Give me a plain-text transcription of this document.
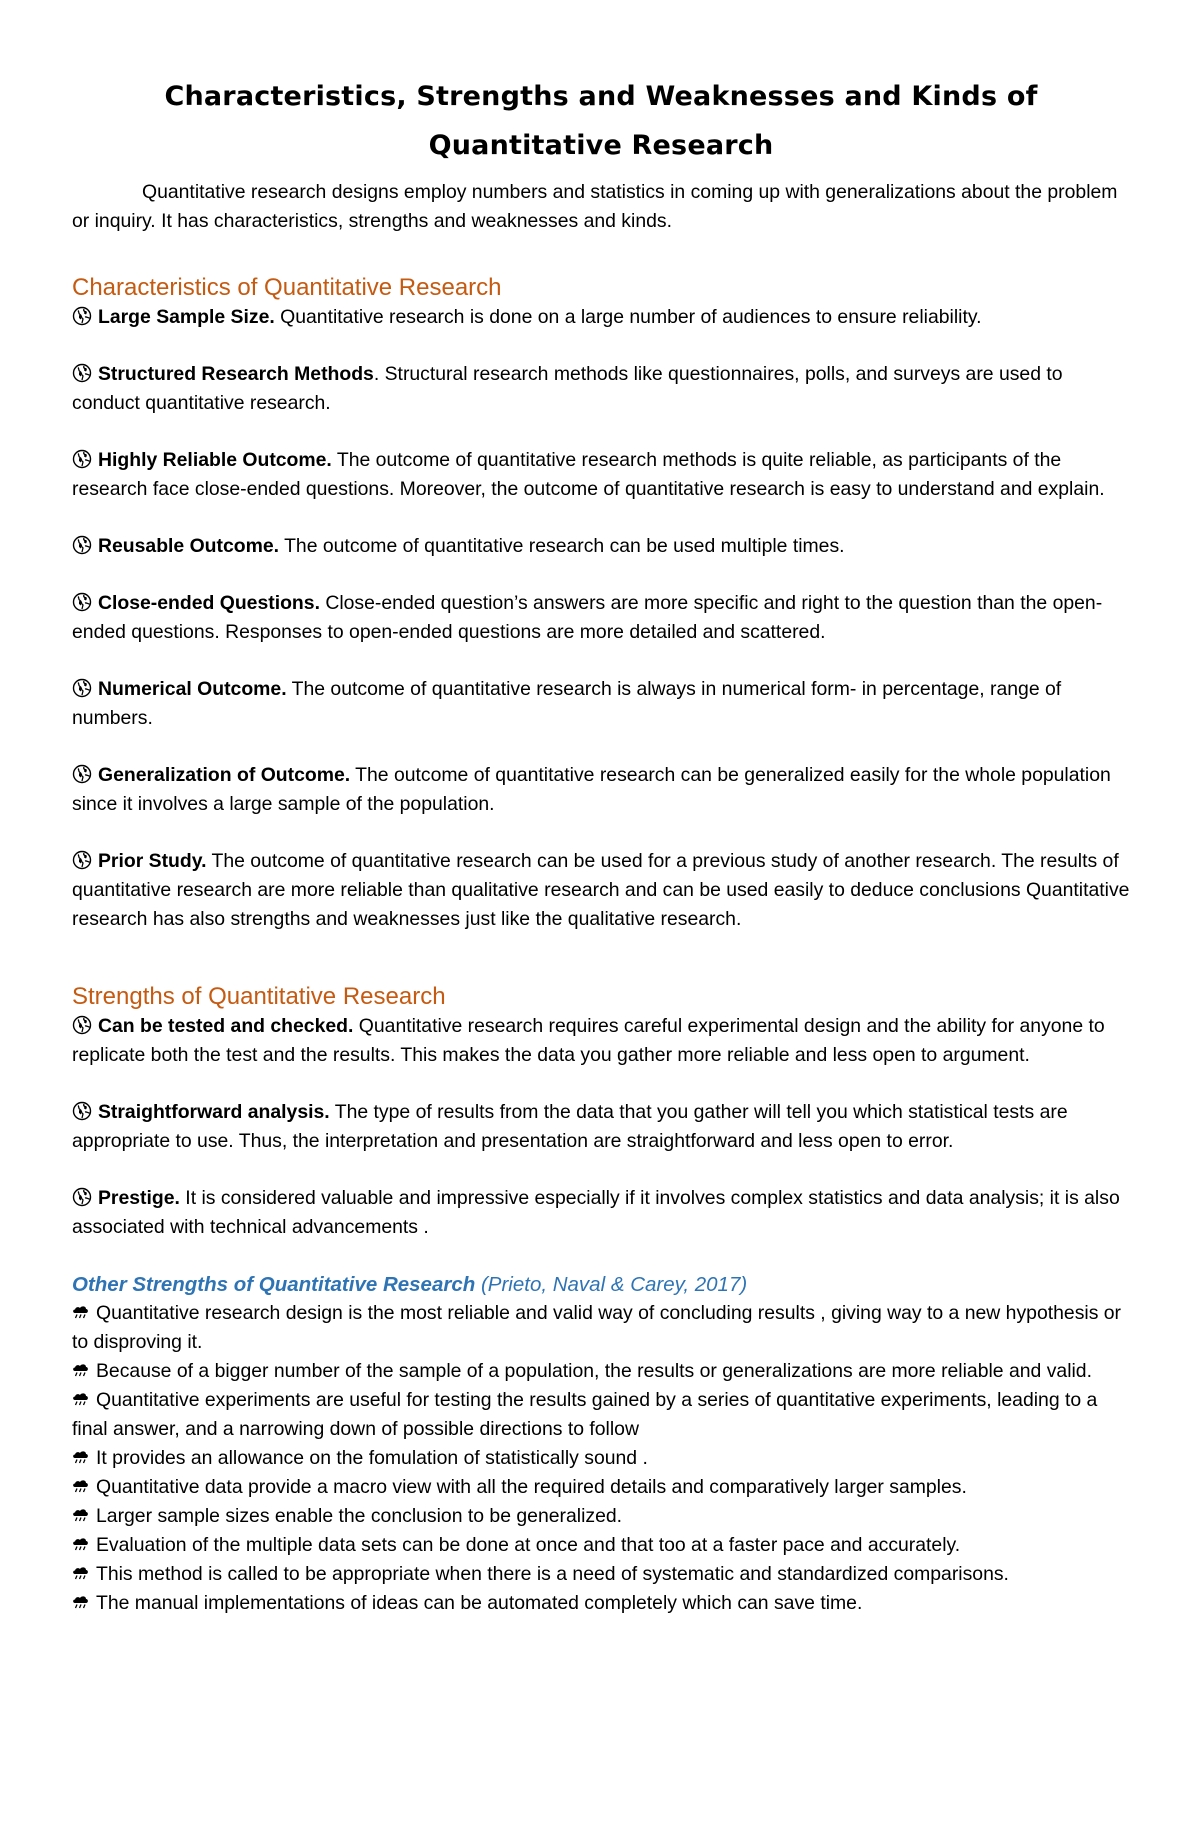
Characteristics, Strengths and Weaknesses and Kinds of
Quantitative Research

Quantitative research designs employ numbers and statistics in coming up with generalizations about the problem or inquiry. It has characteristics, strengths and weaknesses and kinds.

Characteristics of Quantitative Research

Large Sample Size. Quantitative research is done on a large number of audiences to ensure reliability.

Structured Research Methods. Structural research methods like questionnaires, polls, and surveys are used to conduct quantitative research.

Highly Reliable Outcome. The outcome of quantitative research methods is quite reliable, as participants of the research face close-ended questions. Moreover, the outcome of quantitative research is easy to understand and explain.

Reusable Outcome. The outcome of quantitative research can be used multiple times.

Close-ended Questions. Close-ended question’s answers are more specific and right to the question than the open-ended questions. Responses to open-ended questions are more detailed and scattered.

Numerical Outcome. The outcome of quantitative research is always in numerical form- in percentage, range of numbers.

Generalization of Outcome. The outcome of quantitative research can be generalized easily for the whole population since it involves a large sample of the population.

Prior Study. The outcome of quantitative research can be used for a previous study of another research. The results of quantitative research are more reliable than qualitative research and can be used easily to deduce conclusions Quantitative research has also strengths and weaknesses just like the qualitative research.

Strengths of Quantitative Research

Can be tested and checked. Quantitative research requires careful experimental design and the ability for anyone to replicate both the test and the results. This makes the data you gather more reliable and less open to argument.

Straightforward analysis. The type of results from the data that you gather will tell you which statistical tests are appropriate to use. Thus, the interpretation and presentation are straightforward and less open to error.

Prestige. It is considered valuable and impressive especially if it involves complex statistics and data analysis; it is also associated with technical advancements .

Other Strengths of Quantitative Research (Prieto, Naval & Carey, 2017)

Quantitative research design is the most reliable and valid way of concluding results , giving way to a new hypothesis or to disproving it.

Because of a bigger number of the sample of a population, the results or generalizations are more reliable and valid.

Quantitative experiments are useful for testing the results gained by a series of quantitative experiments, leading to a final answer, and a narrowing down of possible directions to follow

It provides an allowance on the fomulation of statistically sound .

Quantitative data provide a macro view with all the required details and comparatively larger samples.

Larger sample sizes enable the conclusion to be generalized.

Evaluation of the multiple data sets can be done at once and that too at a faster pace and accurately.

This method is called to be appropriate when there is a need of systematic and standardized comparisons.

The manual implementations of ideas can be automated completely which can save time.
